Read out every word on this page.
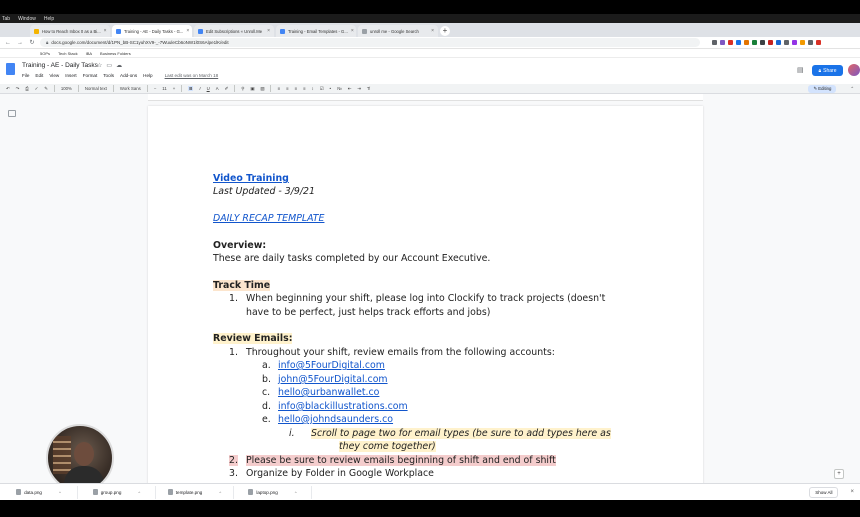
Tab Window Help
How to Reach Inbox 0 as a Bi... ×	Training - AE - Daily Tasks - G... ×	Edit Subscriptions « Unroll.Me ×	Training - Email Templates - G... ×	unroll me - Google Search ×	+
← → ↻	🔒︎ docs.google.com/document/d/1PN_bB-SC1yuhXV9-_-7WuuleCb6oNW1l0S6Alpe1lK/edit
5OPs Tech Stack IBA Business Folders
Training - AE - Daily Tasks ☆ ▭ ☁
File Edit View Insert Format Tools Add-ons Help	Last edit was on March 18
▤	🔒︎ Share
↶ ↷ ⎙ ✓ ✎	100%	Normal text	Work Sans	− 11 +	B I U A ✐	⚲ ▣ ▨	≡ ≡ ≡ ≡ ↕ ☑ • № ⇤ ⇥ T̸	✎ Editing	⌃
Video Training
Last Updated - 3/9/21
DAILY RECAP TEMPLATE
Overview:
These are daily tasks completed by our Account Executive.
Track Time
1. When beginning your shift, please log into Clockify to track projects (doesn't
have to be perfect, just helps track efforts and jobs)
Review Emails:
1. Throughout your shift, review emails from the following accounts:
a. info@5FourDigital.com
b. john@5FourDigital.com
c. hello@urbanwallet.co
d. info@blackillustrations.com
e. hello@johndsaunders.co
i. Scroll to page two for email types (be sure to add types here as
they come together)
2. Please be sure to review emails beginning of shift and end of shift
3. Organize by Folder in Google Workplace	+
data.png	^	group.png	^	template.png	^	laptop.png	^	Show All	×
